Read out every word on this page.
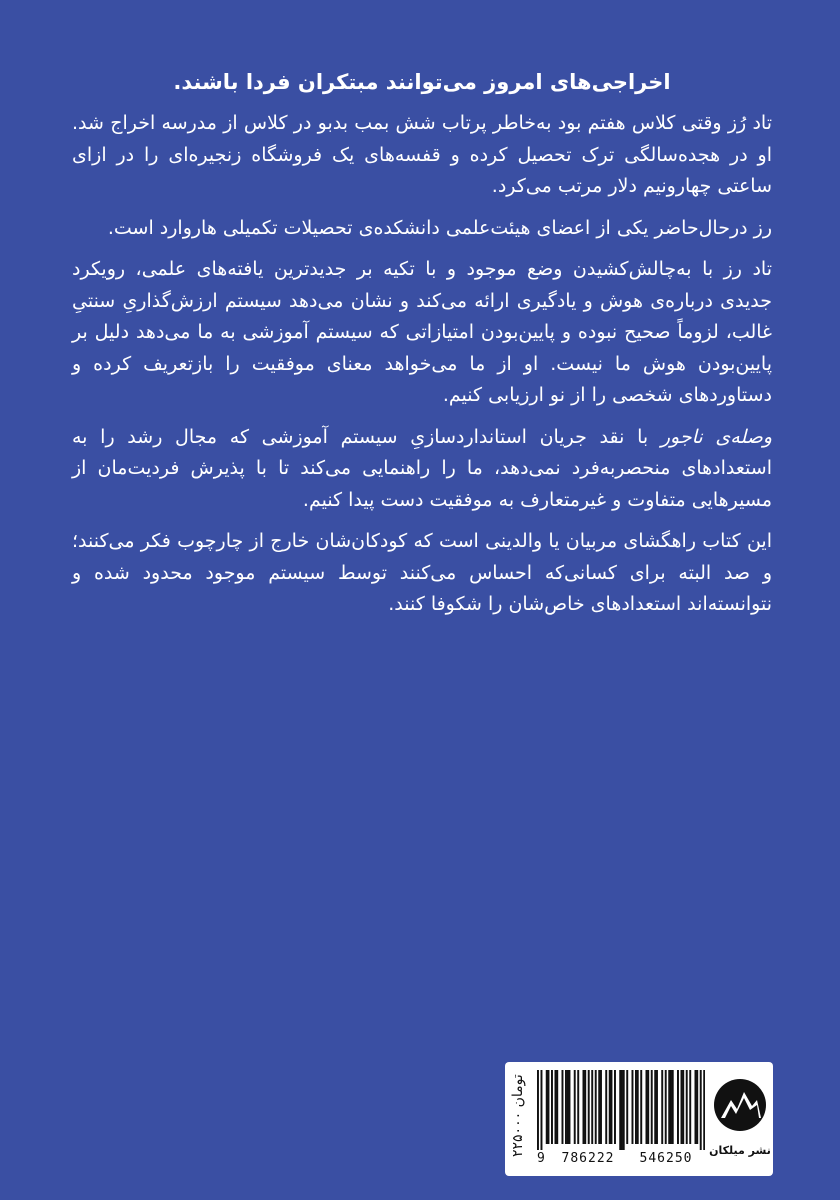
اخراجی‌های امروز می‌توانند مبتکران فردا باشند.

تاد رُز وقتی کلاس هفتم بود به‌خاطر پرتاب شش بمب بدبو در کلاس از مدرسه اخراج شد. او در هجده‌سالگی ترک تحصیل کرده و قفسه‌های یک فروشگاه زنجیره‌ای را در ازای ساعتی چهارونیم دلار مرتب می‌کرد.

رز درحال‌حاضر یکی از اعضای هیئت‌علمی دانشکده‌ی تحصیلات تکمیلی هاروارد است.

تاد رز با به‌چالش‌کشیدن وضع موجود و با تکیه بر جدیدترین یافته‌های علمی، رویکرد جدیدی درباره‌ی هوش و یادگیری ارائه می‌کند و نشان می‌دهد سیستم ارزش‌گذاریِ سنتیِ غالب، لزوماً صحیح نبوده و پایین‌بودن امتیازاتی که سیستم آموزشی به ما می‌دهد دلیل بر پایین‌بودن هوش ما نیست. او از ما می‌خواهد معنای موفقیت را بازتعریف کرده و دستاوردهای شخصی را از نو ارزیابی کنیم.

وصله‌ی ناجور با نقد جریان استانداردسازیِ سیستم آموزشی که مجال رشد را به استعدادهای منحصربه‌فرد نمی‌دهد، ما را راهنمایی می‌کند تا با پذیرش فردیت‌مان از مسیرهایی متفاوت و غیرمتعارف به موفقیت دست پیدا کنیم.

این کتاب راهگشای مربیان یا والدینی است که کودکان‌شان خارج از چارچوب فکر می‌کنند؛ و صد البته برای کسانی‌که احساس می‌کنند توسط سیستم موجود محدود شده و نتوانسته‌اند استعدادهای خاص‌شان را شکوفا کنند.

۲۲۵۰۰۰ تومان
9	786222	546250
نشر میلکان
